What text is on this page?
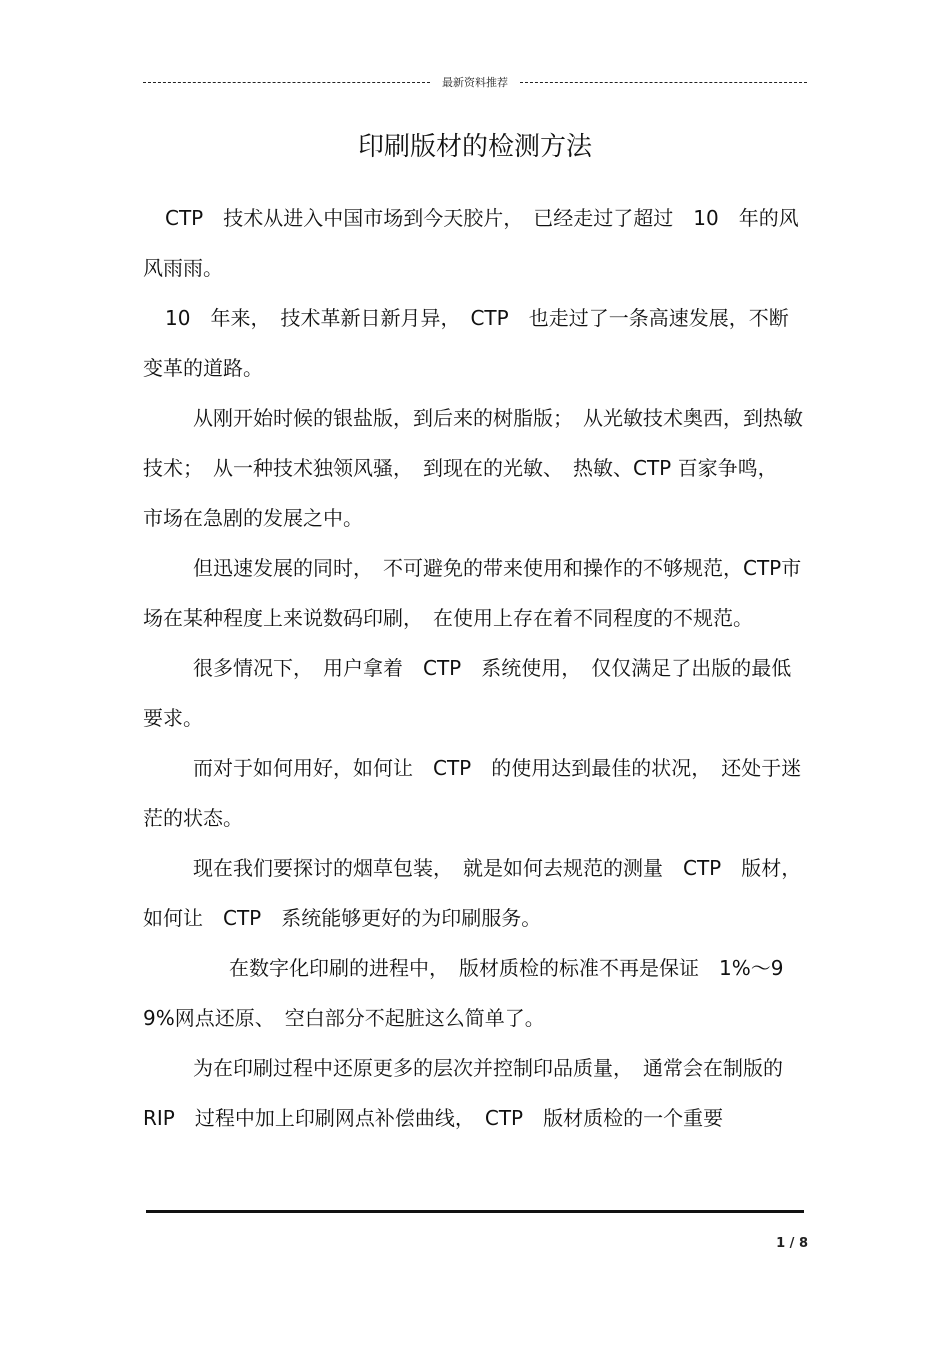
最新资料推荐
印刷版材的检测方法

CTP　技术从进入中国市场到今天胶片，　已经走过了超过　10　年的风风雨雨。

10　年来，　技术革新日新月异，　CTP　也走过了一条高速发展，不断变革的道路。

从刚开始时候的银盐版，到后来的树脂版；　从光敏技术奥西，到热敏技术；　从一种技术独领风骚，　到现在的光敏、　热敏、CTP 百家争鸣，　市场在急剧的发展之中。

但迅速发展的同时，　不可避免的带来使用和操作的不够规范，CTP市场在某种程度上来说数码印刷，　在使用上存在着不同程度的不规范。

很多情况下，　用户拿着　CTP　系统使用，　仅仅满足了出版的最低要求。

而对于如何用好，如何让　CTP　的使用达到最佳的状况，　还处于迷茫的状态。

现在我们要探讨的烟草包装，　就是如何去规范的测量　CTP　版材，　如何让　CTP　系统能够更好的为印刷服务。

在数字化印刷的进程中，　版材质检的标准不再是保证　1%～99%网点还原、　空白部分不起脏这么简单了。

为在印刷过程中还原更多的层次并控制印品质量，　通常会在制版的　RIP　过程中加上印刷网点补偿曲线，　CTP　版材质检的一个重要

1 / 8
